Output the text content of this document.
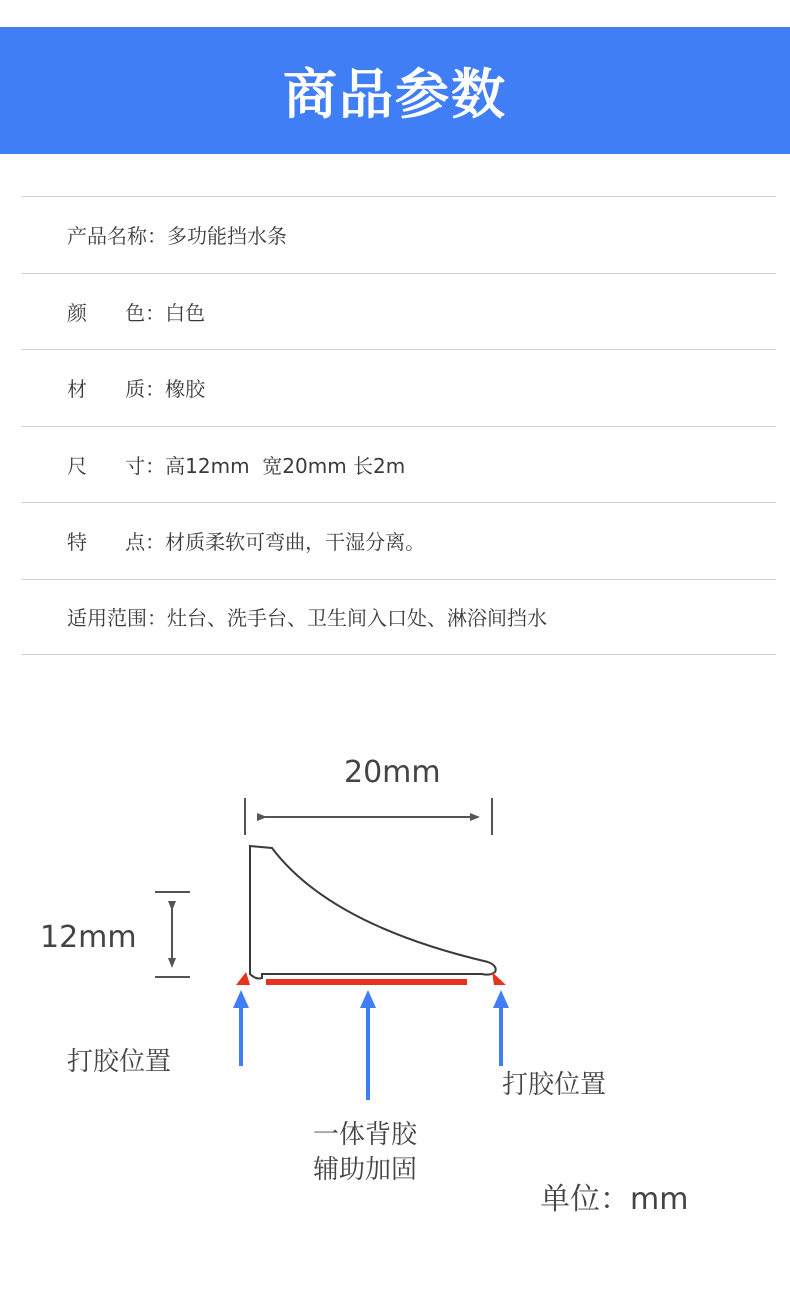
商品参数
产品名称： 多功能挡水条
颜      色： 白色
材      质： 橡胶
尺      寸： 高12mm  宽20mm 长2m
特      点： 材质柔软可弯曲，干湿分离。
适用范围： 灶台、洗手台、卫生间入口处、淋浴间挡水
20mm
12mm
打胶位置
打胶位置
一体背胶
辅助加固
单位：mm
